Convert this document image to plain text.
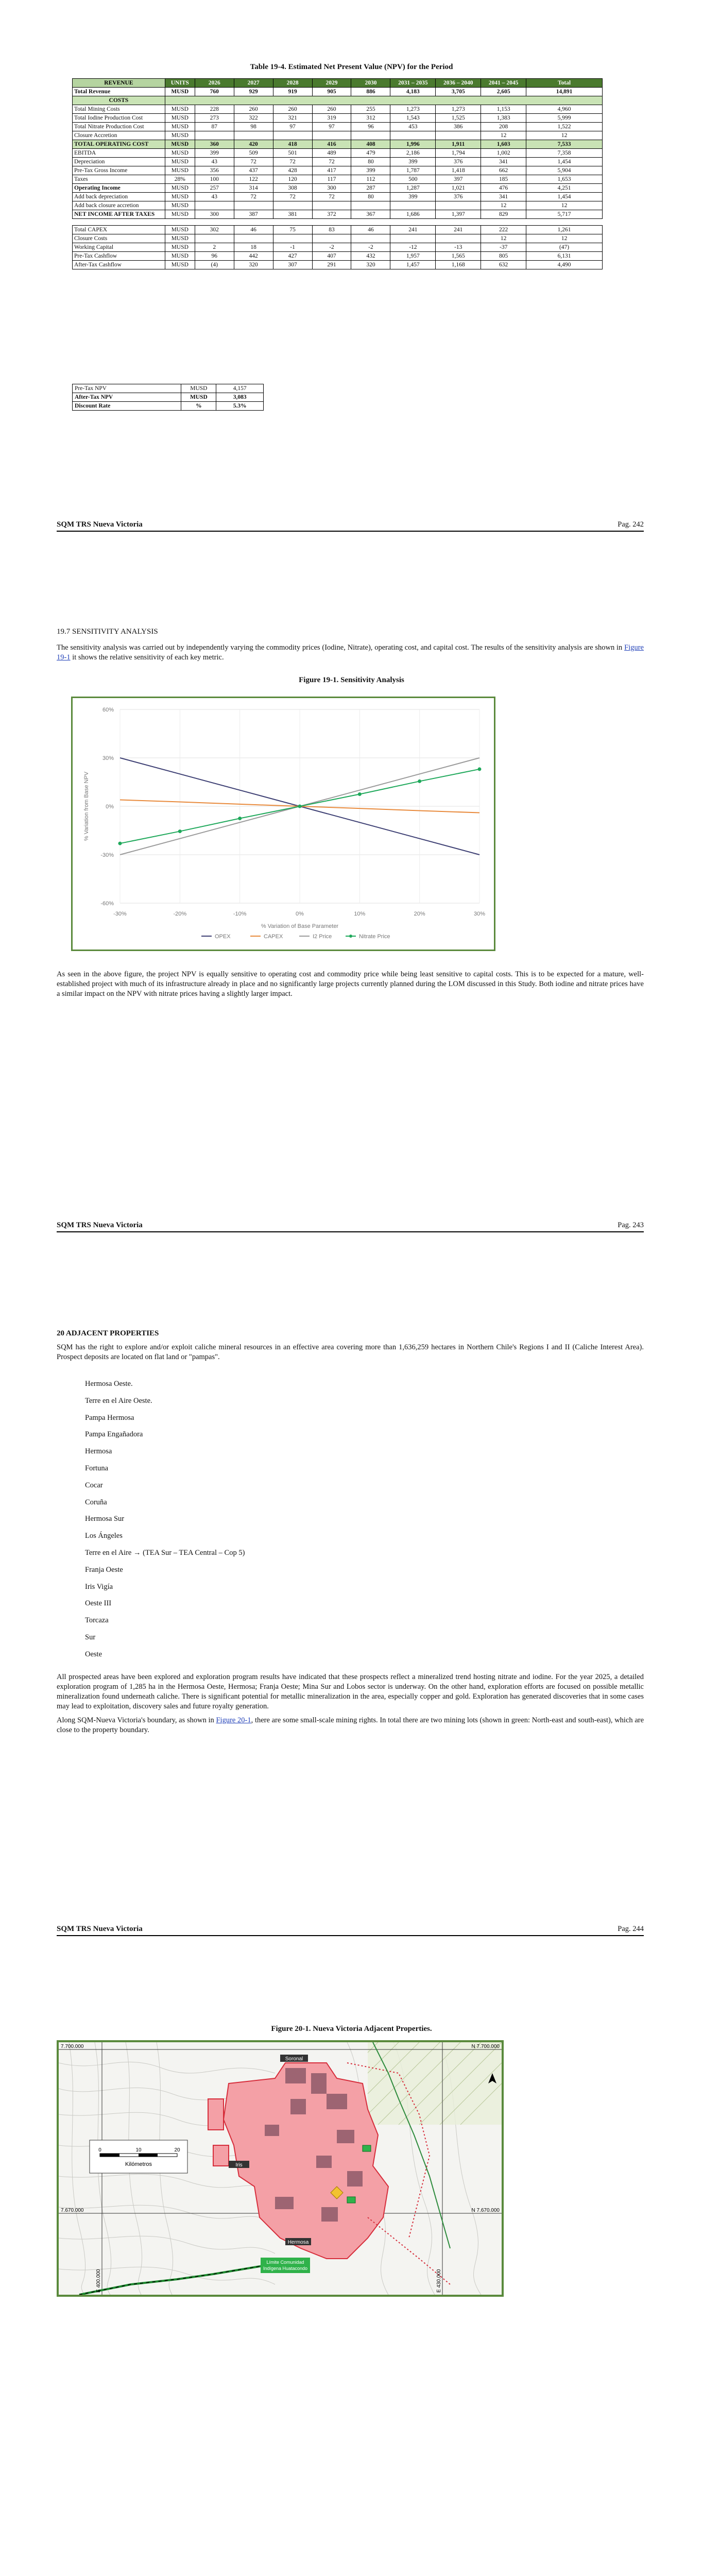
Table 19-4. Estimated Net Present Value (NPV) for the Period
REVENUE	UNITS	2026	2027	2028	2029	2030	2031 – 2035	2036 – 2040	2041 – 2045	Total
Total Revenue	MUSD	760	929	919	905	886	4,183	3,705	2,605	14,891
COSTS										
Total Mining Costs	MUSD	228	260	260	260	255	1,273	1,273	1,153	4,960
Total Iodine Production Cost	MUSD	273	322	321	319	312	1,543	1,525	1,383	5,999
Total Nitrate Production Cost	MUSD	87	98	97	97	96	453	386	208	1,522
Closure Accretion	MUSD								12	12
TOTAL OPERATING COST	MUSD	360	420	418	416	408	1,996	1,911	1,603	7,533
EBITDA	MUSD	399	509	501	489	479	2,186	1,794	1,002	7,358
Depreciation	MUSD	43	72	72	72	80	399	376	341	1,454
Pre-Tax Gross Income	MUSD	356	437	428	417	399	1,787	1,418	662	5,904
Taxes	28%	100	122	120	117	112	500	397	185	1,653
Operating Income	MUSD	257	314	308	300	287	1,287	1,021	476	4,251
Add back depreciation	MUSD	43	72	72	72	80	399	376	341	1,454
Add back closure accretion	MUSD								12	12
NET INCOME AFTER TAXES	MUSD	300	387	381	372	367	1,686	1,397	829	5,717

Total CAPEX	MUSD	302	46	75	83	46	241	241	222	1,261
Closure Costs	MUSD								12	12
Working Capital	MUSD	2	18	-1	-2	-2	-12	-13	-37	(47)
Pre-Tax Cashflow	MUSD	96	442	427	407	432	1,957	1,565	805	6,131
After-Tax Cashflow	MUSD	(4)	320	307	291	320	1,457	1,168	632	4,490
Pre-Tax NPV	MUSD	4,157
After-Tax NPV	MUSD	3,083
Discount Rate	%	5.3%
SQM TRS Nueva Victoria	Pag. 242
19.7 SENSITIVITY ANALYSIS
The sensitivity analysis was carried out by independently varying the commodity prices (Iodine, Nitrate), operating cost, and capital cost. The results of the sensitivity analysis are shown in Figure 19-1 it shows the relative sensitivity of each key metric.
Figure 19-1. Sensitivity Analysis
-60%
-30%
0%
30%
60%
-30%	-20%	-10%	0%	10%	20%	30%
% Variation of Base Parameter
% Variation from Base NPV
OPEX	CAPEX	I2 Price	Nitrate Price
As seen in the above figure, the project NPV is equally sensitive to operating cost and commodity price while being least sensitive to capital costs. This is to be expected for a mature, well-established project with much of its infrastructure already in place and no significantly large projects currently planned during the LOM discussed in this Study. Both iodine and nitrate prices have a similar impact on the NPV with nitrate prices having a slightly larger impact.
SQM TRS Nueva Victoria	Pag. 243
20 ADJACENT PROPERTIES
SQM has the right to explore and/or exploit caliche mineral resources in an effective area covering more than 1,636,259 hectares in Northern Chile's Regions I and II (Caliche Interest Area). Prospect deposits are located on flat land or "pampas".
Hermosa Oeste.
Terre en el Aire Oeste.
Pampa Hermosa
Pampa Engañadora
Hermosa
Fortuna
Cocar
Coruña
Hermosa Sur
Los Ángeles
Terre en el Aire → (TEA Sur – TEA Central – Cop 5)
Franja Oeste
Iris Vigía
Oeste III
Torcaza
Sur
Oeste
All prospected areas have been explored and exploration program results have indicated that these prospects reflect a mineralized trend hosting nitrate and iodine. For the year 2025, a detailed exploration program of 1,285 ha in the Hermosa Oeste, Hermosa; Franja Oeste; Mina Sur and Lobos sector is underway. On the other hand, exploration efforts are focused on possible metallic mineralization found underneath caliche. There is significant potential for metallic mineralization in the area, especially copper and gold. Exploration has generated discoveries that in some cases may lead to exploitation, discovery sales and future royalty generation.
Along SQM-Nueva Victoria's boundary, as shown in Figure 20-1, there are some small-scale mining rights. In total there are two mining lots (shown in green: North-east and south-east), which are close to the property boundary.
SQM TRS Nueva Victoria	Pag. 244
Figure 20-1. Nueva Victoria Adjacent Properties.
Soronal
Iris
Hermosa
Límite Comunidad
Indígena Huatacondo
7.700.000	N 7.700.000
7.670.000	N 7.670.000
E 400.000	E 430.000
0	10	20
Kilómetros
